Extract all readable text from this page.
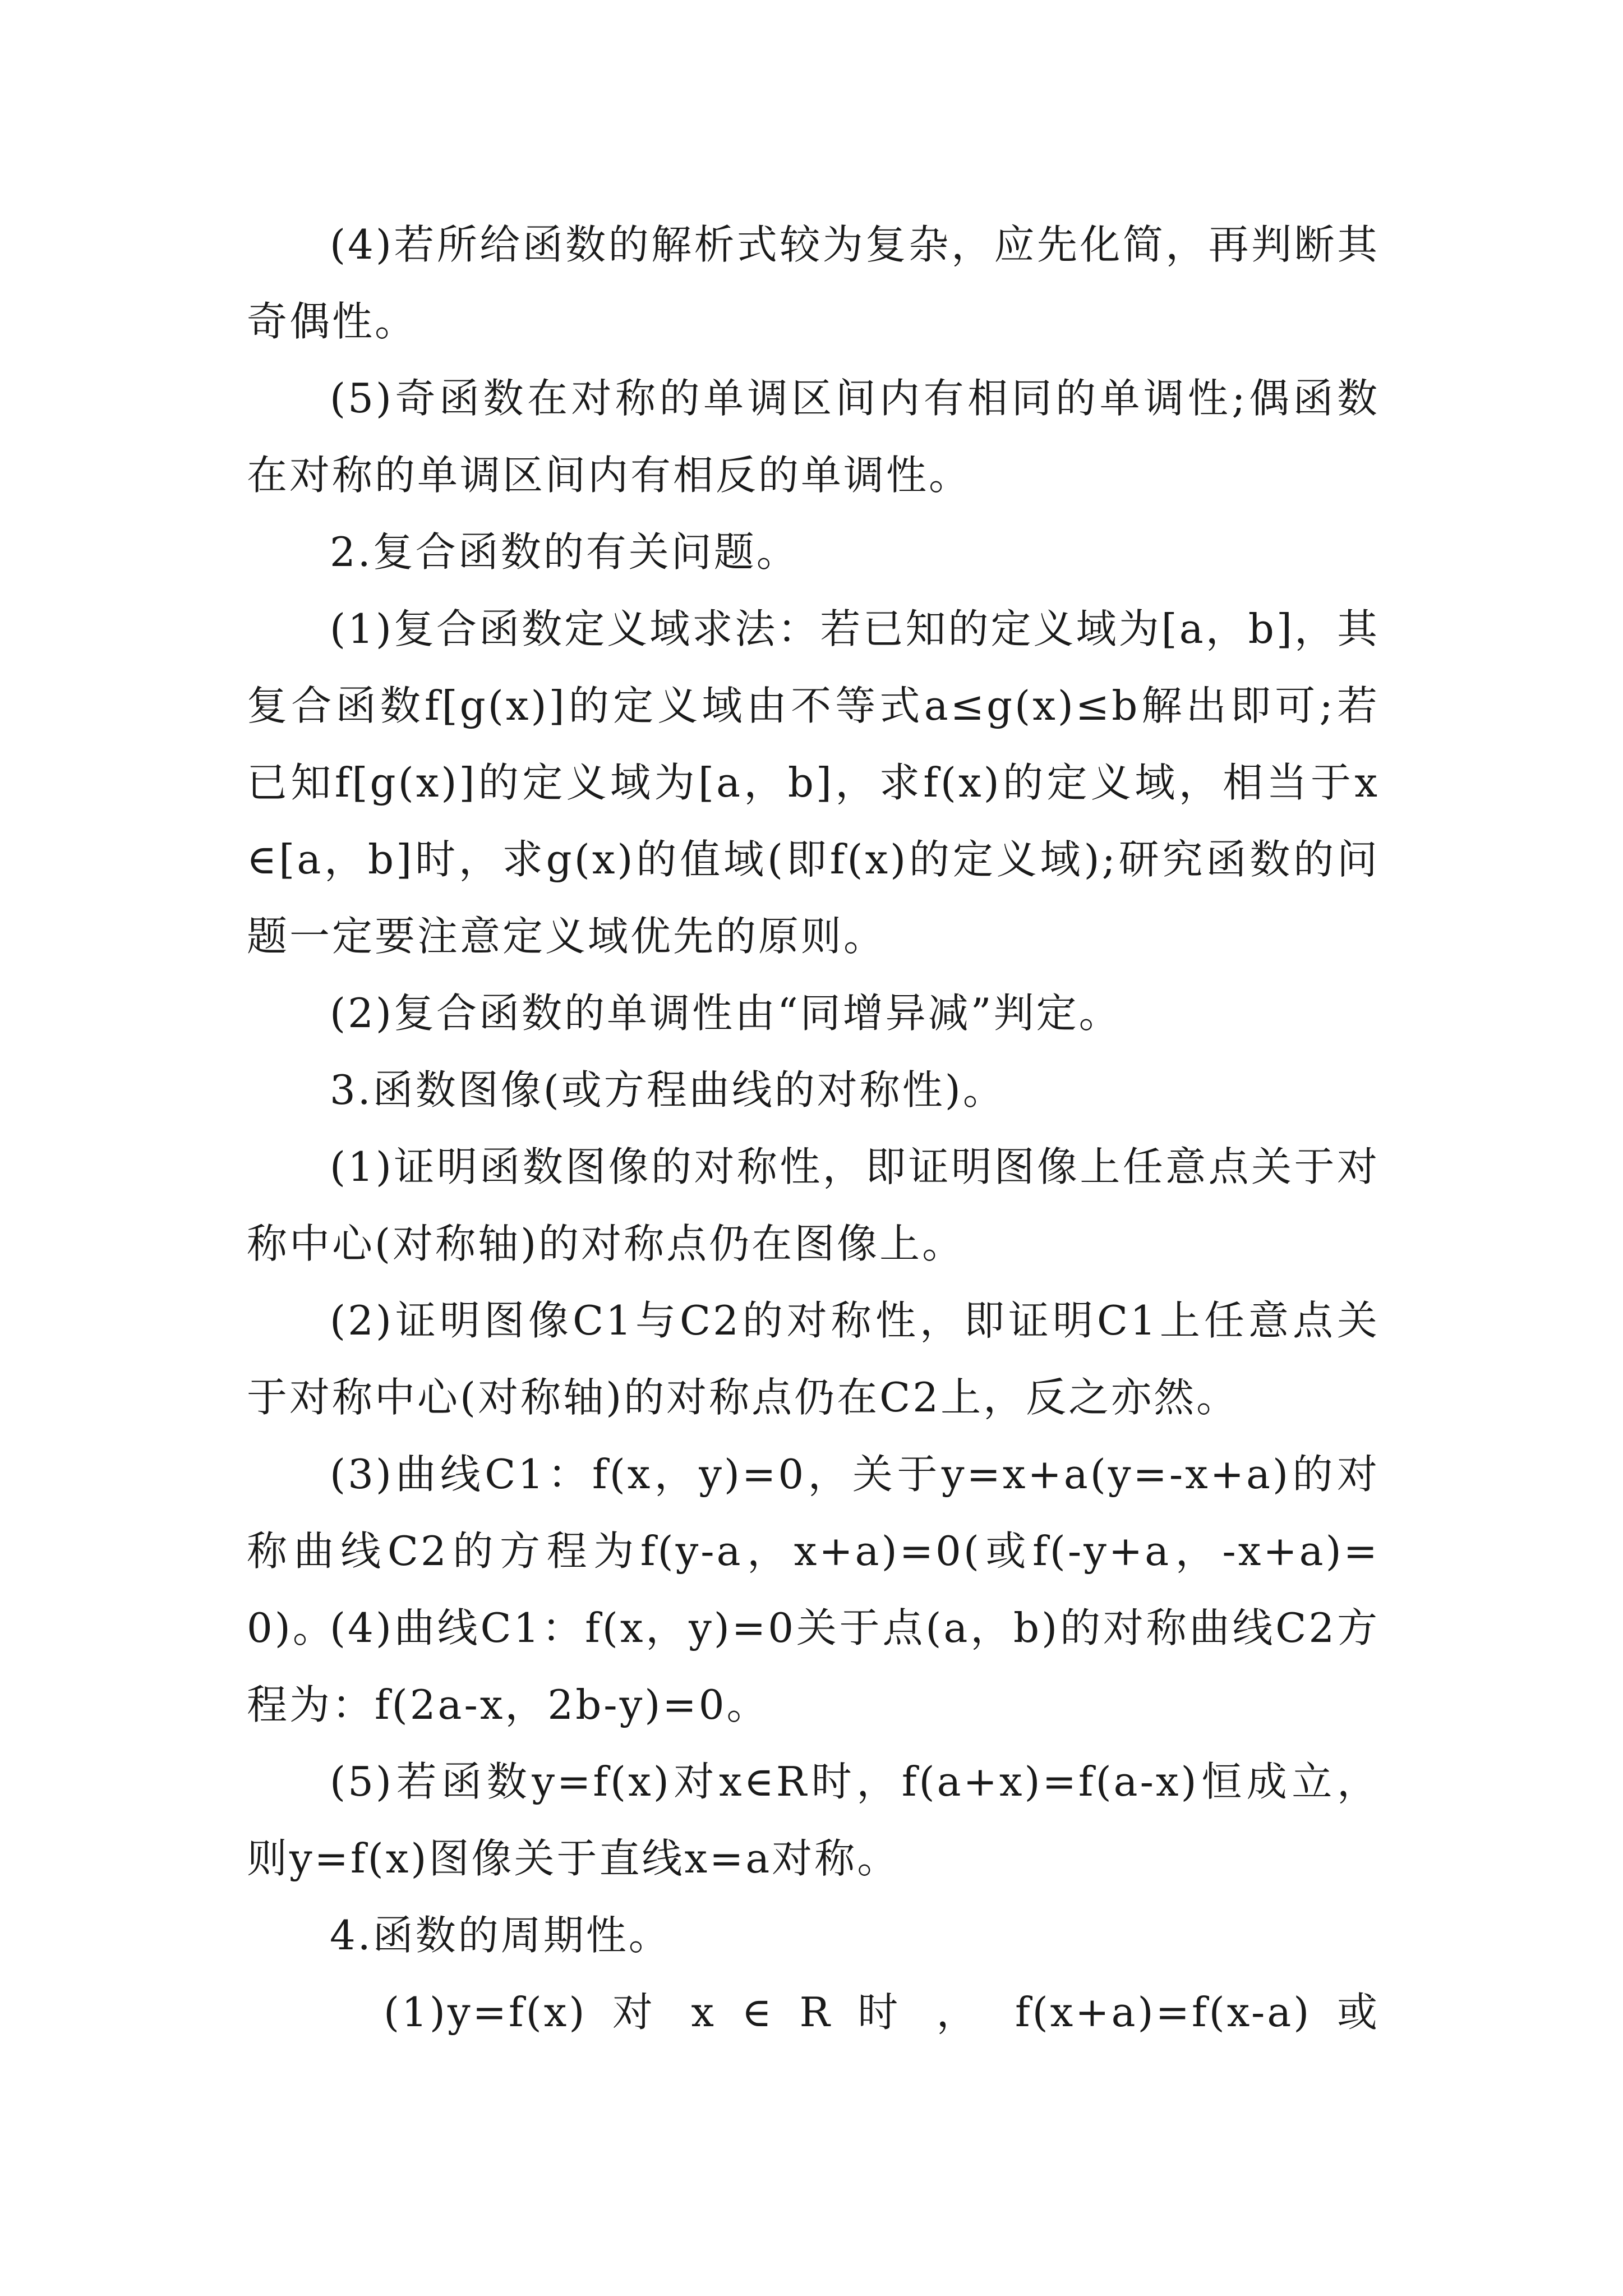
(4)若所给函数的解析式较为复杂，应先化简，再判断其奇偶性。

(5)奇函数在对称的单调区间内有相同的单调性;偶函数在对称的单调区间内有相反的单调性。

2.复合函数的有关问题。

(1)复合函数定义域求法：若已知的定义域为[a，b]，其复合函数f[g(x)]的定义域由不等式a≤g(x)≤b解出即可;若已知f[g(x)]的定义域为[a，b]，求f(x)的定义域，相当于x∈[a，b]时，求g(x)的值域(即f(x)的定义域);研究函数的问题一定要注意定义域优先的原则。

(2)复合函数的单调性由“同增异减”判定。

3.函数图像(或方程曲线的对称性)。

(1)证明函数图像的对称性，即证明图像上任意点关于对称中心(对称轴)的对称点仍在图像上。

(2)证明图像C1与C2的对称性，即证明C1上任意点关于对称中心(对称轴)的对称点仍在C2上，反之亦然。

(3)曲线C1：f(x，y)=0，关于y=x+a(y=-x+a)的对称曲线C2的方程为f(y-a，x+a)=0(或f(-y+a，-x+a)=0)。

(4)曲线C1：f(x，y)=0关于点(a，b)的对称曲线C2方程为：f(2a-x，2b-y)=0。

(5)若函数y=f(x)对x∈R时，f(a+x)=f(a-x)恒成立，则y=f(x)图像关于直线x=a对称。

4.函数的周期性。

(1)y=f(x) 对 x ∈ R 时 ， f(x+a)=f(x-a) 或
